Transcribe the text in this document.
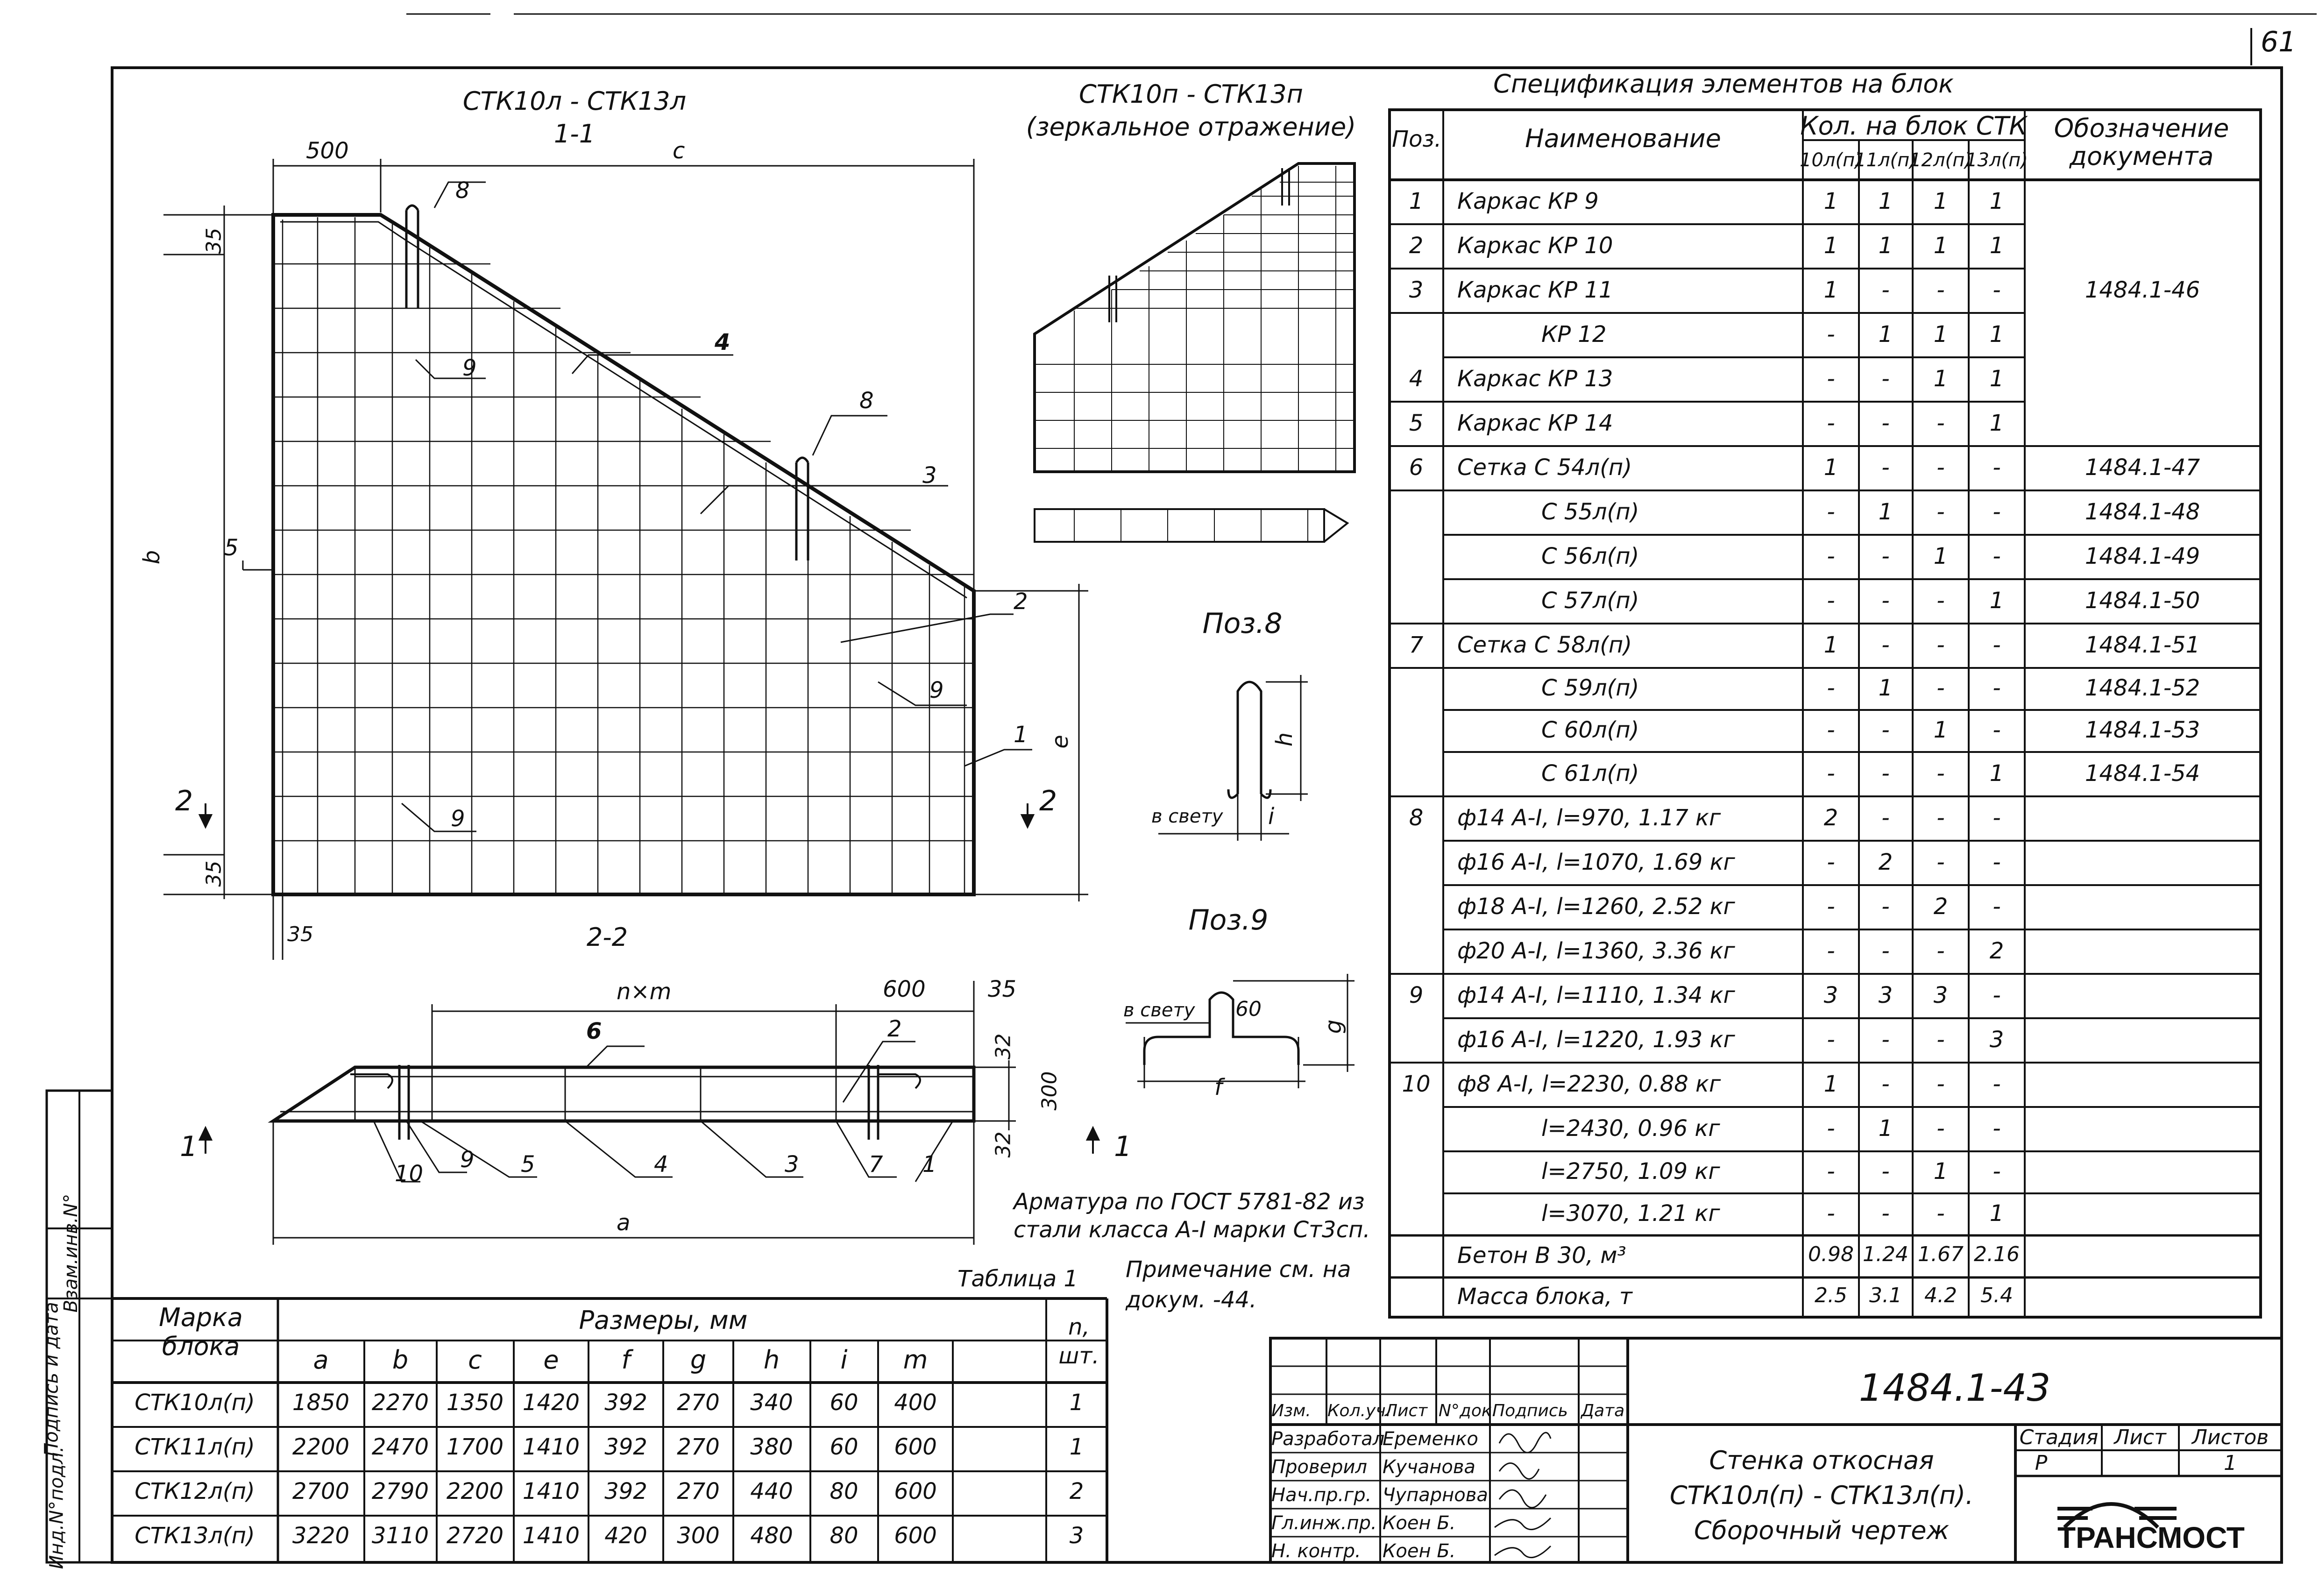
61
СТК10л - СТК13л
1-1
СТК10п - СТК13п
(зеркальное отражение)
2-2
Поз.8
Поз.9
500	c
b
35
35
35
e
n×m	600	35
32
300
32
a
h
i
в свету
в свету 60
g
f
8
9
4
8
3
5
2
9
1
9
2	2
6	2
10
9 5	4	3	7 1
1	1
Арматура по ГОСТ 5781-82 из
стали класса А-I марки Ст3сп.
Примечание см. на
докум. -44.
Спецификация элементов на блок
Поз.	Наименование	Кол. на блок СТК	Обозначение документа
10л(п)
11л(п)
12л(п)
13л(п)
1 Каркас КР 9	1 1 1 1
2 Каркас КР 10	1 1 1 1
3 Каркас КР 11	1 - - -	1484.1-46
КР 12	- 1 1 1
4 Каркас КР 13	- - 1 1
5 Каркас КР 14	- - - 1
6 Сетка С 54л(п)	1 - - -	1484.1-47
С 55л(п)	- 1 - -	1484.1-48
С 56л(п)	- - 1 -	1484.1-49
С 57л(п)	- - - 1	1484.1-50
7 Сетка С 58л(п)	1 - - -	1484.1-51
С 59л(п)	- 1 - -	1484.1-52
С 60л(п)	- - 1 -	1484.1-53
С 61л(п)	- - - 1	1484.1-54
8 ф14 А-I, l=970, 1.17 кг	2 - - -
ф16 А-I, l=1070, 1.69 кг	- 2 - -
ф18 А-I, l=1260, 2.52 кг	- - 2 -
ф20 А-I, l=1360, 3.36 кг	- - - 2
9 ф14 А-I, l=1110, 1.34 кг	3 3 3 -
ф16 А-I, l=1220, 1.93 кг	- - - 3
10 ф8 А-I, l=2230, 0.88 кг	1 - - -
l=2430, 0.96 кг	- 1 - -
l=2750, 1.09 кг	- - 1 -
l=3070, 1.21 кг	- - - 1
Бетон В 30, м³	0.98 1.24 1.67 2.16
Масса блока, т	2.5 3.1 4.2 5.4
Таблица 1
Марка блока
Размеры, мм	n, шт.
a	b c e f g h i m
СТК10л(п) 1850 2270 1350 1420 392 270 340 60 400	1
СТК11л(п) 2200 2470 1700 1410 392 270 380 60 600	1
СТК12л(п) 2700 2790 2200 1410 392 270 440 80 600	2
СТК13л(п) 3220 3110 2720 1410 420 300 480 80 600	3
Инд.N°подл.
Подпись и дата
Взам.инв.N°
1484.1-43
Изм. Кол.уч.
Лист N°док.
Подпись Дата
Разработал
Еременко
Проверил Кучанова
Нач.пр.гр. Чупарнова
Гл.инж.пр. Коен Б.
Н. контр. Коен Б.
Стенка откосная
СТК10л(п) - СТК13л(п).
Сборочный чертеж
Стадия Лист Листов
Р	1
ТРАНСМОСТ
